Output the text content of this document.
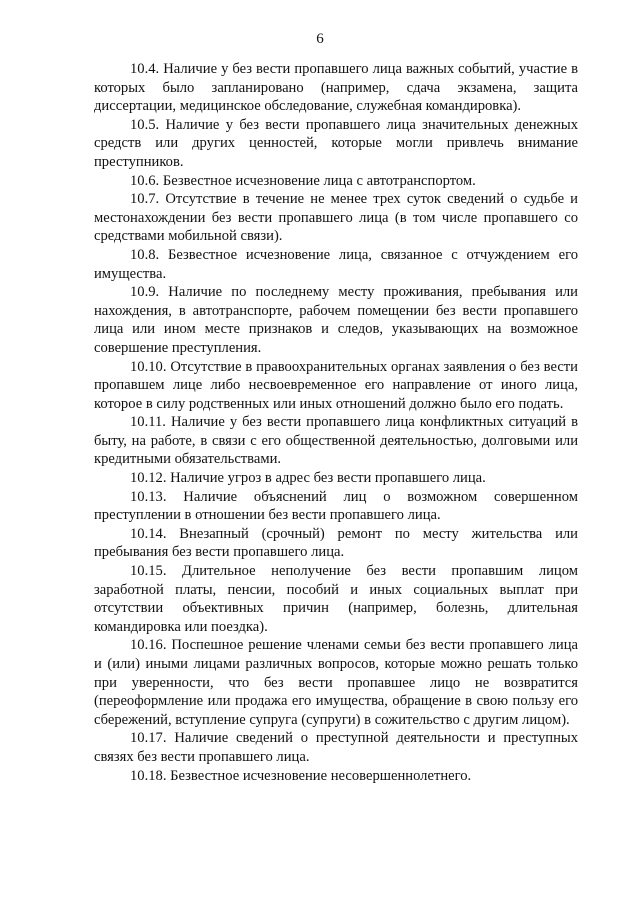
6

10.4. Наличие у без вести пропавшего лица важных событий, участие в которых было запланировано (например, сдача экзамена, защита диссертации, медицинское обследование, служебная командировка).

10.5. Наличие у без вести пропавшего лица значительных денежных средств или других ценностей, которые могли привлечь внимание преступников.

10.6. Безвестное исчезновение лица с автотранспортом.

10.7. Отсутствие в течение не менее трех суток сведений о судьбе и местонахождении без вести пропавшего лица (в том числе пропавшего со средствами мобильной связи).

10.8. Безвестное исчезновение лица, связанное с отчуждением его имущества.

10.9. Наличие по последнему месту проживания, пребывания или нахождения, в автотранспорте, рабочем помещении без вести пропавшего лица или ином месте признаков и следов, указывающих на возможное совершение преступления.

10.10. Отсутствие в правоохранительных органах заявления о без вести пропавшем лице либо несвоевременное его направление от иного лица, которое в силу родственных или иных отношений должно было его подать.

10.11. Наличие у без вести пропавшего лица конфликтных ситуаций в быту, на работе, в связи с его общественной деятельностью, долговыми или кредитными обязательствами.

10.12. Наличие угроз в адрес без вести пропавшего лица.

10.13. Наличие объяснений лиц о возможном совершенном преступлении в отношении без вести пропавшего лица.

10.14. Внезапный (срочный) ремонт по месту жительства или пребывания без вести пропавшего лица.

10.15. Длительное неполучение без вести пропавшим лицом заработной платы, пенсии, пособий и иных социальных выплат при отсутствии объективных причин (например, болезнь, длительная командировка или поездка).

10.16. Поспешное решение членами семьи без вести пропавшего лица и (или) иными лицами различных вопросов, которые можно решать только при уверенности, что без вести пропавшее лицо не возвратится (переоформление или продажа его имущества, обращение в свою пользу его сбережений, вступление супруга (супруги) в сожительство с другим лицом).

10.17. Наличие сведений о преступной деятельности и преступных связях без вести пропавшего лица.

10.18. Безвестное исчезновение несовершеннолетнего.
